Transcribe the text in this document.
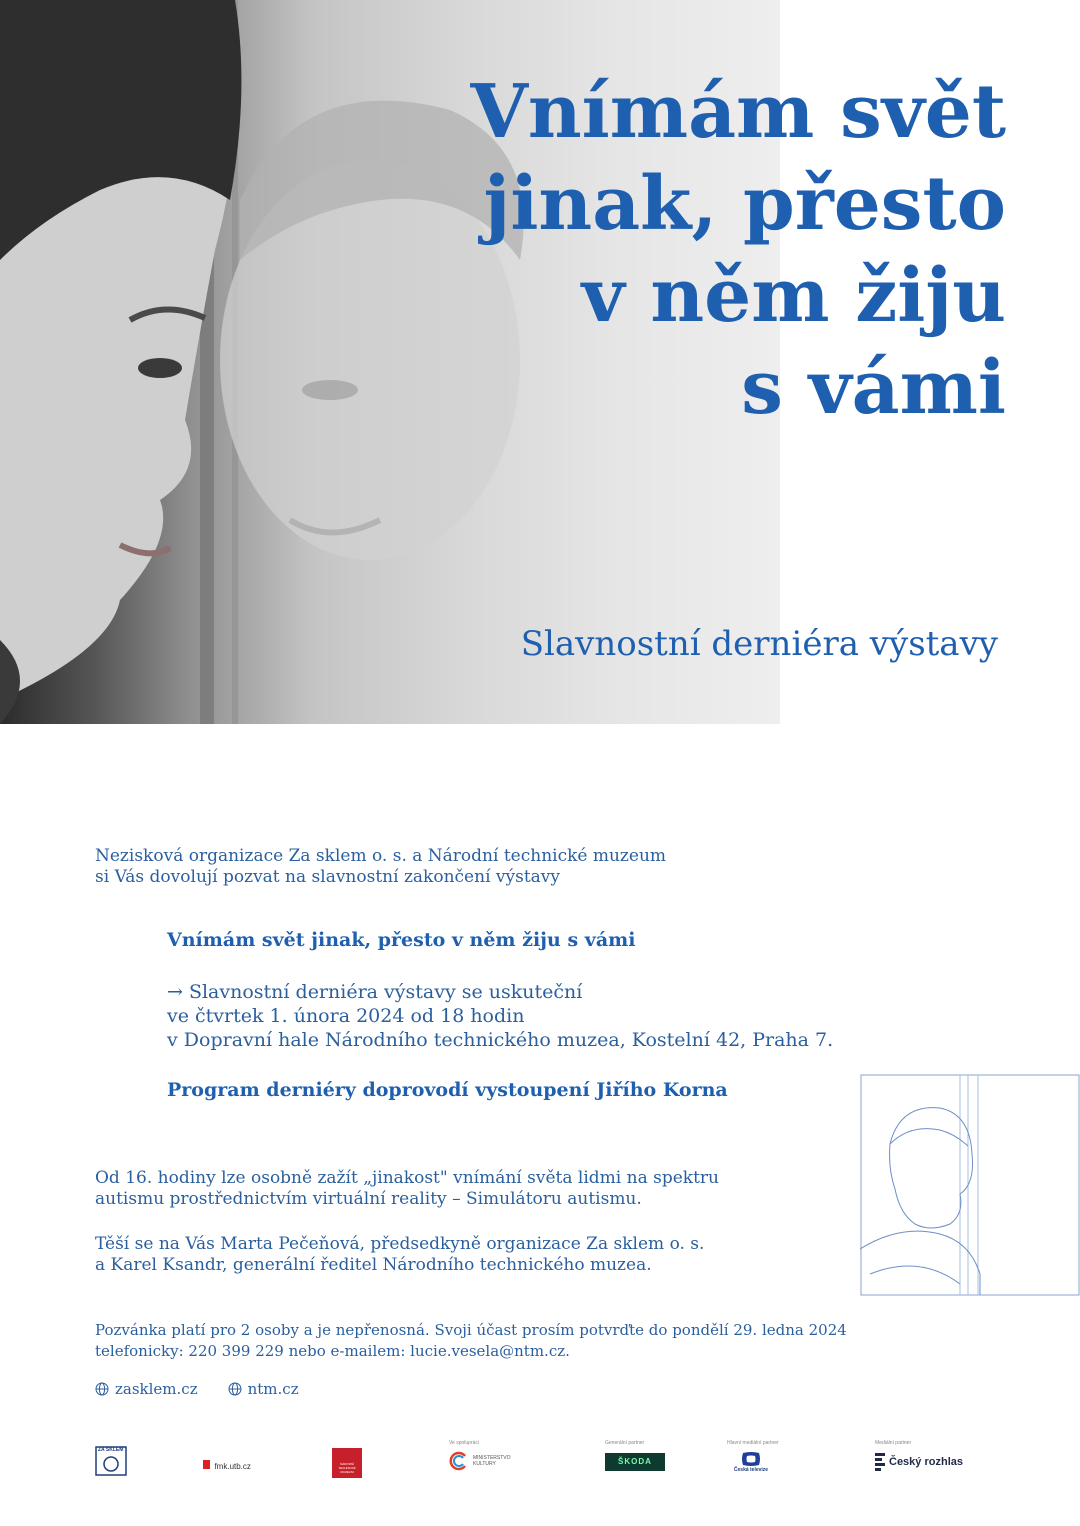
Vnímám svět
jinak, přesto
v něm žiju
s vámi

Slavnostní derniéra výstavy

Nezisková organizace Za sklem o. s. a Národní technické muzeum

si Vás dovolují pozvat na slavnostní zakončení výstavy

Vnímám svět jinak, přesto v něm žiju s vámi

→ Slavnostní derniéra výstavy se uskuteční

ve čtvrtek 1. února 2024 od 18 hodin

v Dopravní hale Národního technického muzea, Kostelní 42, Praha 7.

Program derniéry doprovodí vystoupení Jiřího Korna

Od 16. hodiny lze osobně zažít „jinakost" vnímání světa lidmi na spektru

autismu prostřednictvím virtuální reality – Simulátoru autismu.

Těší se na Vás Marta Pečeňová, předsedkyně organizace Za sklem o. s.

a Karel Ksandr, generální ředitel Národního technického muzea.

Pozvánka platí pro 2 osoby a je nepřenosná. Svoji účast prosím potvrďte do pondělí 29. ledna 2024

telefonicky: 220 399 229 nebo e-mailem: lucie.vesela@ntm.cz.

zasklem.cz	ntm.cz
ZA SKLEM
fmk.utb.cz	NÁRODNÍ TECHNICKÉ MUZEUM
Ve spolupráci
MINISTERSTVO KULTURY
Generální partner
ŠKODA
Hlavní mediální partner
Česká televize
Mediální partner
Český rozhlas
